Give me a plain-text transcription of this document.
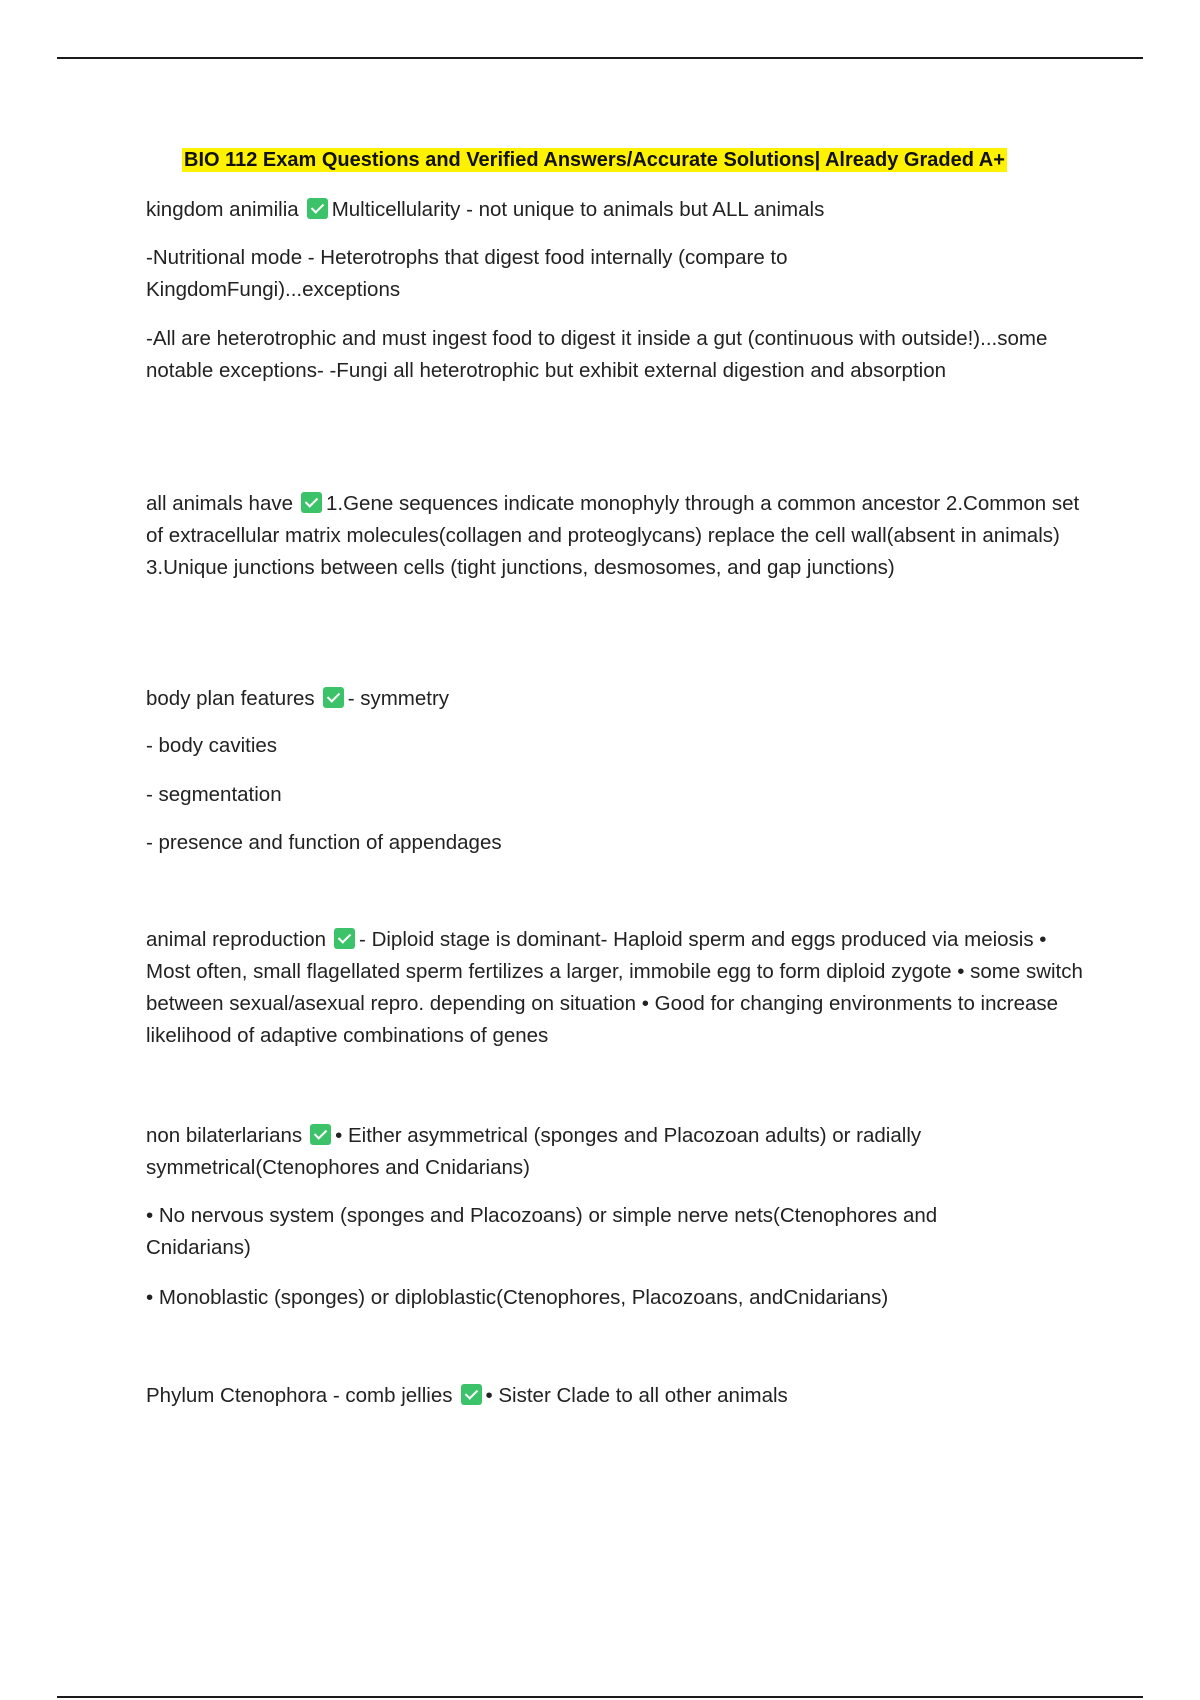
BIO 112 Exam Questions and Verified Answers/Accurate Solutions| Already Graded A+

kingdom animilia Multicellularity - not unique to animals but ALL animals

-Nutritional mode - Heterotrophs that digest food internally (compare to KingdomFungi)...exceptions

-All are heterotrophic and must ingest food to digest it inside a gut (continuous with outside!)...some notable exceptions- -Fungi all heterotrophic but exhibit external digestion and absorption

all animals have 1.Gene sequences indicate monophyly through a common ancestor 2.Common set of extracellular matrix molecules(collagen and proteoglycans) replace the cell wall(absent in animals) 3.Unique junctions between cells (tight junctions, desmosomes, and gap junctions)

body plan features - symmetry

- body cavities

- segmentation

- presence and function of appendages

animal reproduction - Diploid stage is dominant- Haploid sperm and eggs produced via meiosis • Most often, small flagellated sperm fertilizes a larger, immobile egg to form diploid zygote • some switch between sexual/asexual repro. depending on situation • Good for changing environments to increase likelihood of adaptive combinations of genes

non bilaterlarians • Either asymmetrical (sponges and Placozoan adults) or radially symmetrical(Ctenophores and Cnidarians)

• No nervous system (sponges and Placozoans) or simple nerve nets(Ctenophores and Cnidarians)

• Monoblastic (sponges) or diploblastic(Ctenophores, Placozoans, andCnidarians)

Phylum Ctenophora - comb jellies • Sister Clade to all other animals
